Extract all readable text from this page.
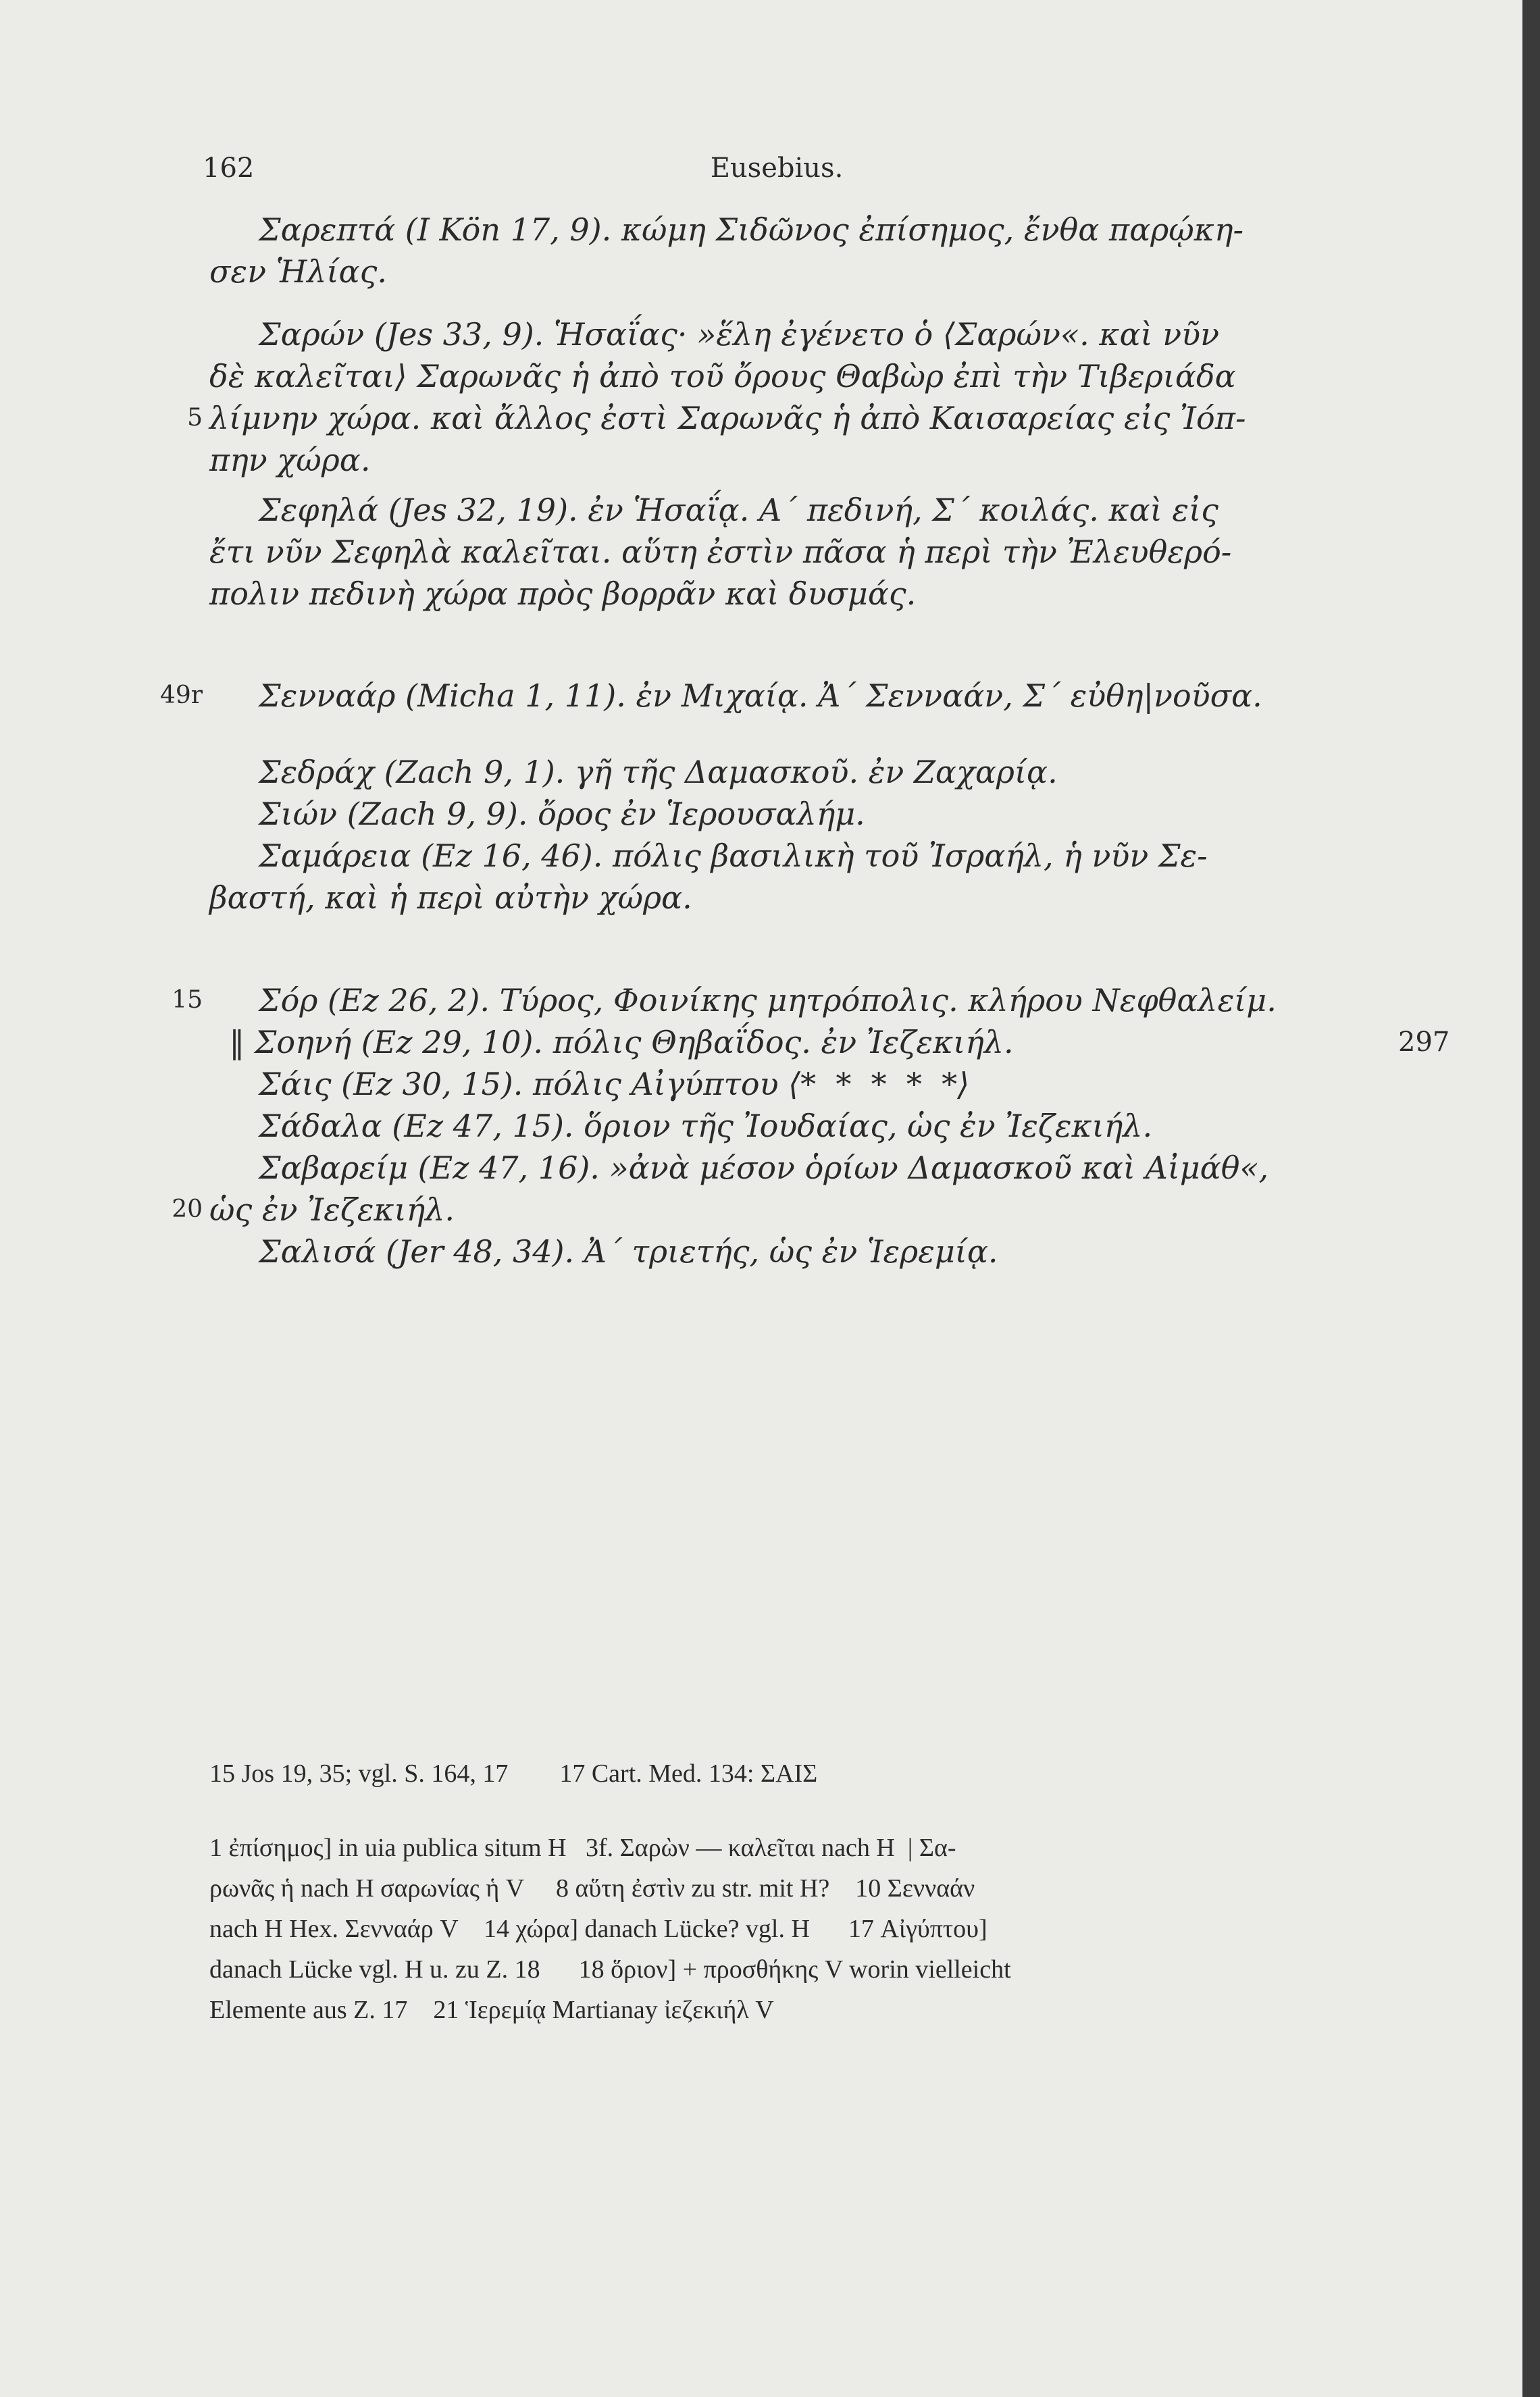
162	Eusebius.
Σαρεπτά (I Kön 17, 9). κώμη Σιδῶνος ἐπίσημος, ἔνθα παρῴκη-
σεν Ἡλίας.
Σαρών (Jes 33, 9). Ἡσαΐας· »ἕλη ἐγένετο ὁ ⟨Σαρών«. καὶ νῦν
δὲ καλεῖται⟩ Σαρωνᾶς ἡ ἀπὸ τοῦ ὄρους Θαβὼρ ἐπὶ τὴν Τιβεριάδα
5 λίμνην χώρα. καὶ ἄλλος ἐστὶ Σαρωνᾶς ἡ ἀπὸ Καισαρείας εἰς Ἰόπ-
πην χώρα.
Σεφηλά (Jes 32, 19). ἐν Ἡσαΐᾳ. Α΄ πεδινή, Σ΄ κοιλάς. καὶ εἰς
ἔτι νῦν Σεφηλὰ καλεῖται. αὕτη ἐστὶν πᾶσα ἡ περὶ τὴν Ἐλευθερό-
πολιν πεδινὴ χώρα πρὸς βορρᾶν καὶ δυσμάς.
49r Σενναάρ (Micha 1, 11). ἐν Μιχαίᾳ. Ἀ΄ Σενναάν, Σ΄ εὐθη|νοῦσα.
Σεδράχ (Zach 9, 1). γῆ τῆς Δαμασκοῦ. ἐν Ζαχαρίᾳ.
Σιών (Zach 9, 9). ὄρος ἐν Ἱερουσαλήμ.
Σαμάρεια (Ez 16, 46). πόλις βασιλικὴ τοῦ Ἰσραήλ, ἡ νῦν Σε-
βαστή, καὶ ἡ περὶ αὐτὴν χώρα.
15 Σόρ (Ez 26, 2). Τύρος, Φοινίκης μητρόπολις. κλήρου Νεφθαλείμ.
‖ Σοηνή (Ez 29, 10). πόλις Θηβαΐδος. ἐν Ἰεζεκιήλ.	297
Σάις (Ez 30, 15). πόλις Αἰγύπτου ⟨*  *  *  *  *⟩
Σάδαλα (Ez 47, 15). ὅριον τῆς Ἰουδαίας, ὡς ἐν Ἰεζεκιήλ.
Σαβαρείμ (Ez 47, 16). »ἀνὰ μέσον ὁρίων Δαμασκοῦ καὶ Αἰμάθ«,
20 ὡς ἐν Ἰεζεκιήλ.
Σαλισά (Jer 48, 34). Ἀ΄ τριετής, ὡς ἐν Ἱερεμίᾳ.
15 Jos 19, 35; vgl. S. 164, 17        17 Cart. Med. 134: ΣΑΙΣ
1 ἐπίσημος] in uia publica situm H   3f. Σαρὼν — καλεῖται nach H  | Σα-
ρωνᾶς ἡ nach H σαρωνίας ἡ V     8 αὕτη ἐστὶν zu str. mit H?    10 Σενναάν
nach H Hex. Σενναάρ V    14 χώρα] danach Lücke? vgl. H      17 Αἰγύπτου]
danach Lücke vgl. H u. zu Z. 18      18 ὅριον] + προσθήκης V worin vielleicht
Elemente aus Z. 17    21 Ἱερεμίᾳ Martianay ἰεζεκιήλ V
